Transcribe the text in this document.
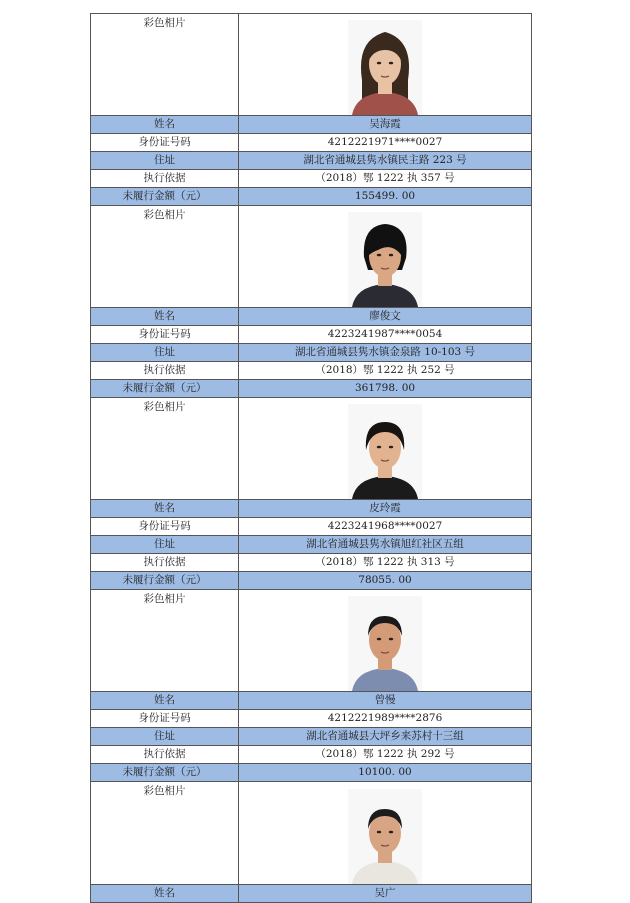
彩色相片	

姓名	吴海霞
身份证号码	4212221971****0027
住址	湖北省通城县隽水镇民主路 223 号
执行依据	（2018）鄂 1222 执 357 号
未履行金额（元）	155499. 00
彩色相片	

姓名	廖俊文
身份证号码	4223241987****0054
住址	湖北省通城县隽水镇金泉路 10-103 号
执行依据	（2018）鄂 1222 执 252 号
未履行金额（元）	361798. 00
彩色相片	

姓名	皮玲霞
身份证号码	4223241968****0027
住址	湖北省通城县隽水镇旭红社区五组
执行依据	（2018）鄂 1222 执 313 号
未履行金额（元）	78055. 00
彩色相片	

姓名	曾慢
身份证号码	4212221989****2876
住址	湖北省通城县大坪乡来苏村十三组
执行依据	（2018）鄂 1222 执 292 号
未履行金额（元）	10100. 00
彩色相片	

姓名	吴广
